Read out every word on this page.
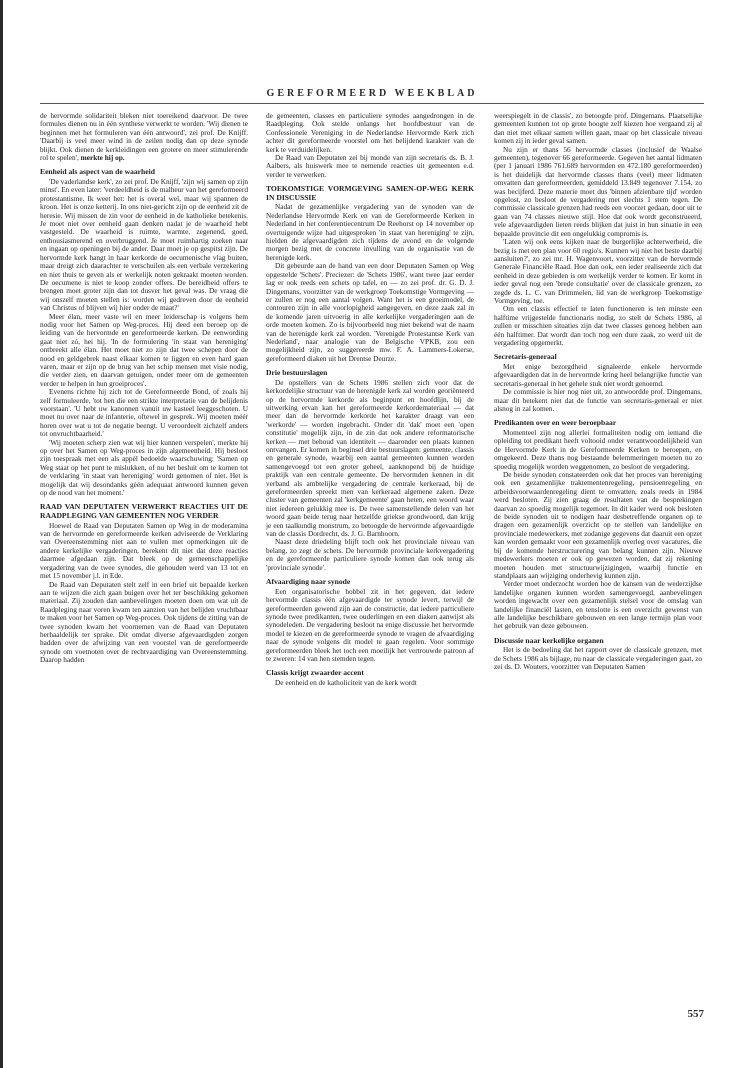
GEREFORMEERD WEEKBLAD

de hervormde solidariteit bleken niet toereikend daarvoor. De twee formules dienen nu in één synthese verwerkt te worden. 'Wij dienen te beginnen met het formuleren van één antwoord', zei prof. De Knijff. 'Daarbij is veel meer wind in de zeilen nodig dan op deze synode blijkt. Ook dienen de kerkleidingen een grotere en meer stimulerende rol te spelen', merkte hij op.

Eenheid als aspect van de waarheid

'De vaderlandse kerk', zo zei prof. De Knijff, 'zijn wij samen op zijn minst'. En even later: 'verdeeldheid is de malheur van het gereformeerd protestantisme. Ik weet het: het is overal wel, maar wij spannen de kroon. Het is onze ketterij. In ons niet-gericht zijn op de eenheid zit de heresie. Wij missen de zin voor de eenheid in de katholieke betekenis. Je moet niet over eenheid gaan denken nadat je de waarheid hebt vastgesteld. De waarheid is ruimte, warmte, zegenend, goed, enthousiasmerend en overbruggend. Je moet ruimhartig zoeken naar en ingaan op openingen bij de ander. Daar moet je op gespitst zijn. De hervormde kerk hangt in haar kerkorde de oecumenische vlag buiten, maar dreigt zich daarachter te verschuilen als een verbale verzekering en niet thuis te geven als er werkelijk noten gekraakt moeten worden. De oecumene is niet te koop zonder offers. De bereidheid offers te brengen moet groter zijn dan tot dusver het geval was. De vraag die wij onszelf moeten stellen is: worden wij gedreven door de eenheid van Christus of blijven wij hier onder de maat?'

Meer élan, meer vaste wil en meer leiderschap is volgens hem nodig voor het Samen op Weg-proces. Hij deed een beroep op de leiding van de hervormde en gereformeerde kerken. De eenwording gaat niet zó, hei hij. 'In de formulering 'in staat van hereniging' ontbreekt alle élan. Het moet niet zo zijn dat twee schepen door de nood en geldgebrek naast elkaar komen te liggen en even hard gaan varen, maar er zijn op de brug van het schip mensen met visie nodig, die verder zien, en daarvan getuigen, onder meer om de gemeenten verder te helpen in hun groeiproces'.

Evenens richtte hij zich tot de Gereformeerde Bond, of zoals hij zelf formuleerde, 'tot hen die een strikte interpretatie van de belijdenis voorstaan'. 'U hebt uw kanonnen vanuit uw kasteel leeggeschoten. U moet nu over naar de infanterie, oftewel in gesprek. Wij moeten méér horen over wat u tot de negatie beengt. U veroordeelt zichzelf anders tot onvruchtbaarheid.'

'Wij moeten scherp zien wat wij hier kunnen verspelen', merkte hij op over het Samen op Weg-proces in zijn algemeenheid. Hij besloot zijn toespraak met een als appèl bedoelde waarschuwing: 'Samen op Weg staat op het punt te mislukken, of nu het besluit om te komen tot de verklaring 'in staat van hereniging' wordt genomen of niet. Het is mogelijk dat wij desondanks géén adequaat antwoord kunnen geven op de nood van het moment.'

RAAD VAN DEPUTATEN VERWERKT REACTIES UIT DE RAADPLEGING VAN GEMEENTEN NOG VERDER

Hoewel de Raad van Deputaten Samen op Weg in de moderamina van de hervormde en gereformeerde kerken adviseerde de Verklaring van Overeenstemming niet aan te vullen met opmerkingen uit de andere kerkelijke vergaderingen, berekent dit niet dat deze reacties daarmee afgedaan zijn. Dat bleek op de gemeenschappelijke vergadering van de twee synodes, die gehouden werd van 13 tot en met 15 november j.l. in Ede.

De Raad van Deputaten stelt zelf in een brief uit bepaalde kerken aan te wijzen die zich gaan buigen over het ter beschikking gekomen materiaal. Zij zouden dan aanbevelingen moeten doen om wat uit de Raadpleging naar voren kwam ten aanzien van het belijden vruchtbaar te maken voor het Samen op Weg-proces. Ook tijdens de zitting van de twee synoden kwam het voornemen van de Raad van Deputaten herhaaldelijk ter sprake. Dit omdat diverse afgevaardigden zorgen hadden over de afwijzing van een voorstel van de gereformeerde synode om voetnoten over de rechtvaardiging van Overeenstemming. Daarop hadden

de gemeenten, classes en particuliere synodes aangedrongen in de Raadpleging. Ook stelde onlangs het hoofdbestuur van de Confessionele Vereniging in de Nederlandse Hervormde Kerk zich achter dit gereformeerde voorstel om het belijdend karakter van de kerk te verduidelijken.

De Raad van Deputaten zei bij monde van zijn secretaris ds. B. J. Aalbers, als huiswerk mee te nemende reacties uit gemeenten e.d. verder te verwerken.

TOEKOMSTIGE VORMGEVING SAMEN-OP-WEG KERK IN DISCUSSIE

Nadat de gezamenlijke vergadering van de synoden van de Nederlandse Hervormde Kerk en van de Gereformeerde Kerken in Nederland in het conferentiecentrum De Reehorst op 14 november op overtuigende wijze had uitgesproken 'in staat van hereniging' te zijn, hielden de afgevaardigden zich tijdens de avond en de volgende morgen bezig met de concrete invulling van de organisatie van de herenigde kerk.

Dit gebeurde aan de hand van een door Deputaten Samen op Weg opgestelde 'Schets'. Preciezer: de 'Schets 1986', want twee jaar eerder lag er ook reeds een schets op tafel, en — zo zei prof. dr. G. D. J. Dingemans, voorzitter van de werkgroep Toekomstige Vormgeving — er zullen er nog een aantal volgen. Want het is een groeimodel, de contouren zijn in alle voorlopigheid aangegeven, en deze zaak zal in de komende jaren uitvoerig in alle kerkelijke vergaderingen aan de orde moeten komen. Zo is bijvoorbeeld nog niet bekend wat de naam van de herenigde kerk zal worden. 'Verenigde Protestantse Kerk van Nederland', naar analogie van de Belgische VPKB, zou een mogelijkheid zijn, zo suggereerde mw. F. A. Lammers-Lokerse, gereformeerd diaken uit het Drentse Deurze.

Drie bestuurslagen

De opstellers van de Schets 1986 stellen zich voor dat de kerkordelijke structuur van de herenigde kerk zal worden georiënteerd op de hervormde kerkorde als beginpunt en hoofdlijn, bij de uitwerking ervan kan het gereformeerde kerkordemateriaal — dat meer dan de hervormde kerkorde het karakter draagt van een 'werkorde' — worden ingebracht. Onder dit 'dak' moet een 'open constitutie' mogelijk zijn, in de zin dat ook andere reformatorische kerken — met behoud van identiteit — daaronder een plaats kunnen ontvangen. Er komen in beginsel drie bestuurslagen: gemeente, classis en generale synode, waarbij een aantal gemeenten kunnen worden samengevoegd tot een groter geheel, aanknopend bij de huidige praktijk van een centrale gemeente. De hervormden kennen in dit verband als ambtelijke vergadering de centrale kerkeraad, bij de gereformeerden spreekt men van kerkeraad algemene zaken. Deze cluster van gemeenten zal 'kerkgemeente' gaan heten, een woord waar niet iedereen gelukkig mee is. De twee samenstellende delen van het woord gaan beide terug naar hetzelfde griekse grondwoord, dan krijg je een taalkundig monstrum, zo betoogde de hervormde afgevaardigde van de classis Dordrecht, ds. J. G. Barnhoorn.

Naast deze driedeling blijft toch ook het provinciale niveau van belang, zo zegt de schets. De hervormde provinciale kerkvergadering en de gereformeerde particuliere synode komen dan ook terug als 'provinciale synode'.

Afvaardiging naar synode

Een organisatorische hobbel zit in het gegeven, dat iedere hervormde classis één afgevaardigde ter synode levert, terwijl de gereformeerden gewend zijn aan de constructie, dat iedere particuliere synode twee predikanten, twee ouderlingen en een diaken aanwijst als synodeleden. De vergadering besloot na enige discussie het hervormde model te kiezen en de gereformeerde synode te vragen de afvaardiging naar de synode volgens dit model te gaan regelen. Voor sommige gereformeerden bleek het toch een moeilijk het vertrouwde patroon af te zweren: 14 van hen stemden tegen.

Classis krijgt zwaarder accent

De eenheid en de katholiciteit van de kerk wordt

weerspiegelt in de classis', zo betoogde prof. Dingemans. Plaatselijke gemeenten kunnen tot op grote hoogte zelf kiezen hoe vergaand zij al dan niet met elkaar samen willen gaan, maar op het classicale niveau komen zij in ieder geval samen.

Nu zijn er thans 56 hervormde classes (inclusief de Waalse gemeenten), tegenover 66 gereformeerde. Gegeven het aantal lidmaten (per 1 januari 1986 761.689 hervormden en 472.180 gereformeerden) is het duidelijk dat hervormde classes thans (veel) meer lidmaten omvatten dan gereformeerden, gemiddeld 13.849 tegenover 7.154, zo was becijferd. Deze materie moet dus 'binnen afzienbare tijd' worden opgelost, zo besloot de vergadering met slechts 1 stem tegen. De commissie classicale grenzen had reeds een voorzet gedaan, door uit te gaan van 74 classes nieuwe stijl. Hoe dat ook wordt geconstrueerd, vele afgevaardigden lieten reeds blijken dat juist in hun situatie in een bepaalde provincie dit een ongelukkig compromis is.

'Laten wij ook eens kijken naar de burgerlijke achterwerheid, die bezig is met een plan voor 60 regio's. Kunnen wij niet het beste daarbij aansluiten?', zo zei mr. H. Wagenvoort, voorzitter van de hervormde Generale Financiële Raad. Hoe dan ook, een ieder realiseerde zich dat eenheid in deze gebieden is om werkelijk verder te komen. Er komt in ieder geval nog een 'brede consultatie' over de classicale grenzen, zo zegde ds. L. C. van Drimmelen, lid van de werkgroep Toekomstige Vormgeving, toe.

Om een classis effectief te laten functioneren is ten minste een halftime vrijgestelde functionaris nodig, zo stelt de Schets 1986, al zullen er misschien situaties zijn dat twee classes genoeg hebben aan één halftimer. Dat wordt dan toch nog een dure zaak, zo werd uit de vergadering opgemerkt.

Secretaris-generaal

Met enige bezorgdheid signaleerde enkele hervormde afgevaardigden dat in de hervormde kring heel belangrijke functie van secretaris-generaal in het gehele stuk niet wordt genoemd.

De commissie is hier nog niet uit, zo antwoordde prof. Dingemans, maar dit betekent niet dat de functie van secretaris-generaal er niet alsnog in zal komen.

Predikanten over en weer beroepbaar

Momenteel zijn nog allerlei formaliteiten nodig om iemand die opleiding tot predikant heeft voltooid onder verantwoordelijkheid van de Hervormde Kerk in de Gereformeerde Kerken te beroepen, en omgekeerd. Deze thans nog bestaande belemmeringen moeten nu zo spoedig mogelijk worden weggenomen, zo besloot de vergadering.

De beide synoden constateerden ook dat het proces van hereniging ook een gezamenlijke traktementenregeling, pensioenregeling en arbeidsvoorwaardenregeling dient te omvatten, zoals reeds in 1984 werd besloten. Zij zien graag de resultaten van de besprekingen daarvan zo spoedig mogelijk tegemoet. In dit kader werd ook besloten de beide synoden uit te nodigen haar desbetreffende organen op te dragen een gezamenlijk overzicht op te stellen van landelijke en provinciale medewerkers, met zodanige gegevens dat daaruit een opzet kan worden gemaakt voor een gezamenlijk overleg over vacatures, die bij de komende herstructurering van belang kunnen zijn. Nieuwe medewerkers moeten er ook op gewezen worden, dat zij rekening moeten houden met structuurwijzigingen, waarbij functie en standplaats aan wijziging onderhevig kunnen zijn.

Verder moet onderzocht worden hoe de kansen van de wederzijdse landelijke organen kunnen worden samengevoegd, aanbevelingen worden ingewacht over een gezamenlijk stelsel voor de omslag van landelijke financiël lasten, en tenslotte is een overzicht gewenst van alle landelijke beschikbare gebouwen en een lange termijn plan voor het gebruik van deze gebouwen.

Discussie naar kerkelijke organen

Het is de bedoeling dat het rapport over de classicale grenzen, met de Schets 1986 als bijlage, nu naar de classicale vergaderingen gaat, zo zei ds. D. Wouters, voorzitter van Deputaten Samen

557
